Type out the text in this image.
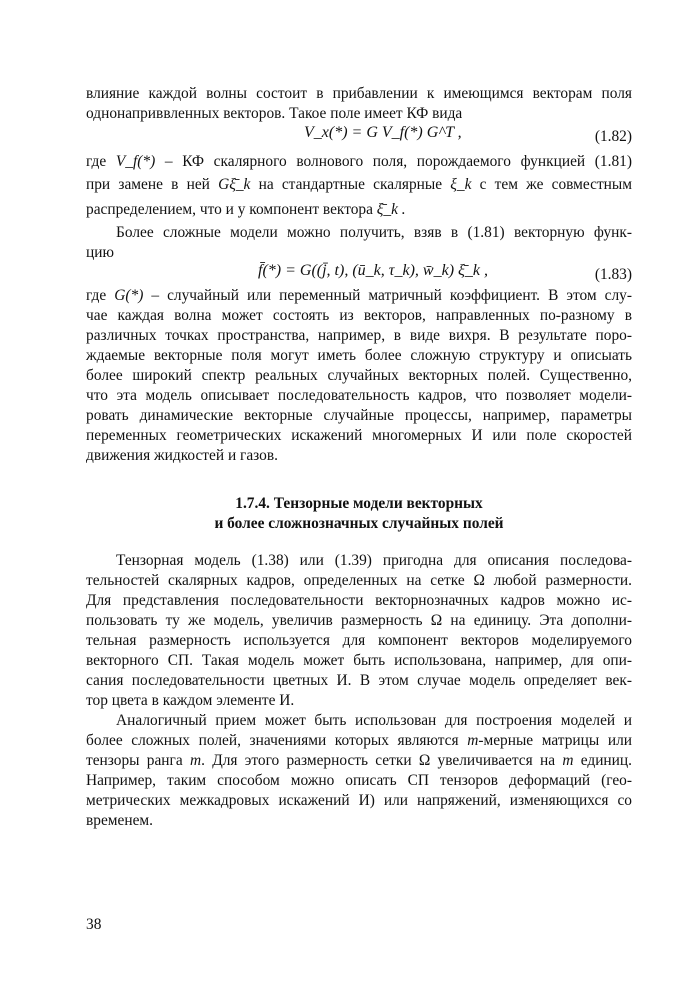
влияние каждой волны состоит в прибавлении к имеющимся векторам поля
однонаприввленных векторов. Такое поле имеет КФ вида
V_x(*) = G V_f(*) G^T ,	(1.82)
где V_f(*) – КФ скалярного волнового поля, порождаемого функцией (1.81)
при замене в ней Gξ̄_k на стандартные скалярные ξ_k с тем же совместным
распределением, что и у компонент вектора ξ̄_k .
Более сложные модели можно получить, взяв в (1.81) векторную функ-
цию
f̄(*) = G((j̄, t), (ū_k, τ_k), w̄_k) ξ̄_k ,	(1.83)
где G(*) – случайный или переменный матричный коэффициент. В этом слу-
чае каждая волна может состоять из векторов, направленных по-разному в
различных точках пространства, например, в виде вихря. В результате поро-
ждаемые векторные поля могут иметь более сложную структуру и описыать
более широкий спектр реальных случайных векторных полей. Существенно,
что эта модель описывает последовательность кадров, что позволяет модели-
ровать динамические векторные случайные процессы, например, параметры
переменных геометрических искажений многомерных И или поле скоростей
движения жидкостей и газов.
1.7.4. Тензорные модели векторных
и более сложнозначных случайных полей
Тензорная модель (1.38) или (1.39) пригодна для описания последова-
тельностей скалярных кадров, определенных на сетке Ω любой размерности.
Для представления последовательности векторнозначных кадров можно ис-
пользовать ту же модель, увеличив размерность Ω на единицу. Эта дополни-
тельная размерность используется для компонент векторов моделируемого
векторного СП. Такая модель может быть использована, например, для опи-
сания последовательности цветных И. В этом случае модель определяет век-
тор цвета в каждом элементе И.
Аналогичный прием может быть использован для построения моделей и
более сложных полей, значениями которых являются m-мерные матрицы или
тензоры ранга m. Для этого размерность сетки Ω увеличивается на m единиц.
Например, таким способом можно описать СП тензоров деформаций (гео-
метрических межкадровых искажений И) или напряжений, изменяющихся со
временем.
38
